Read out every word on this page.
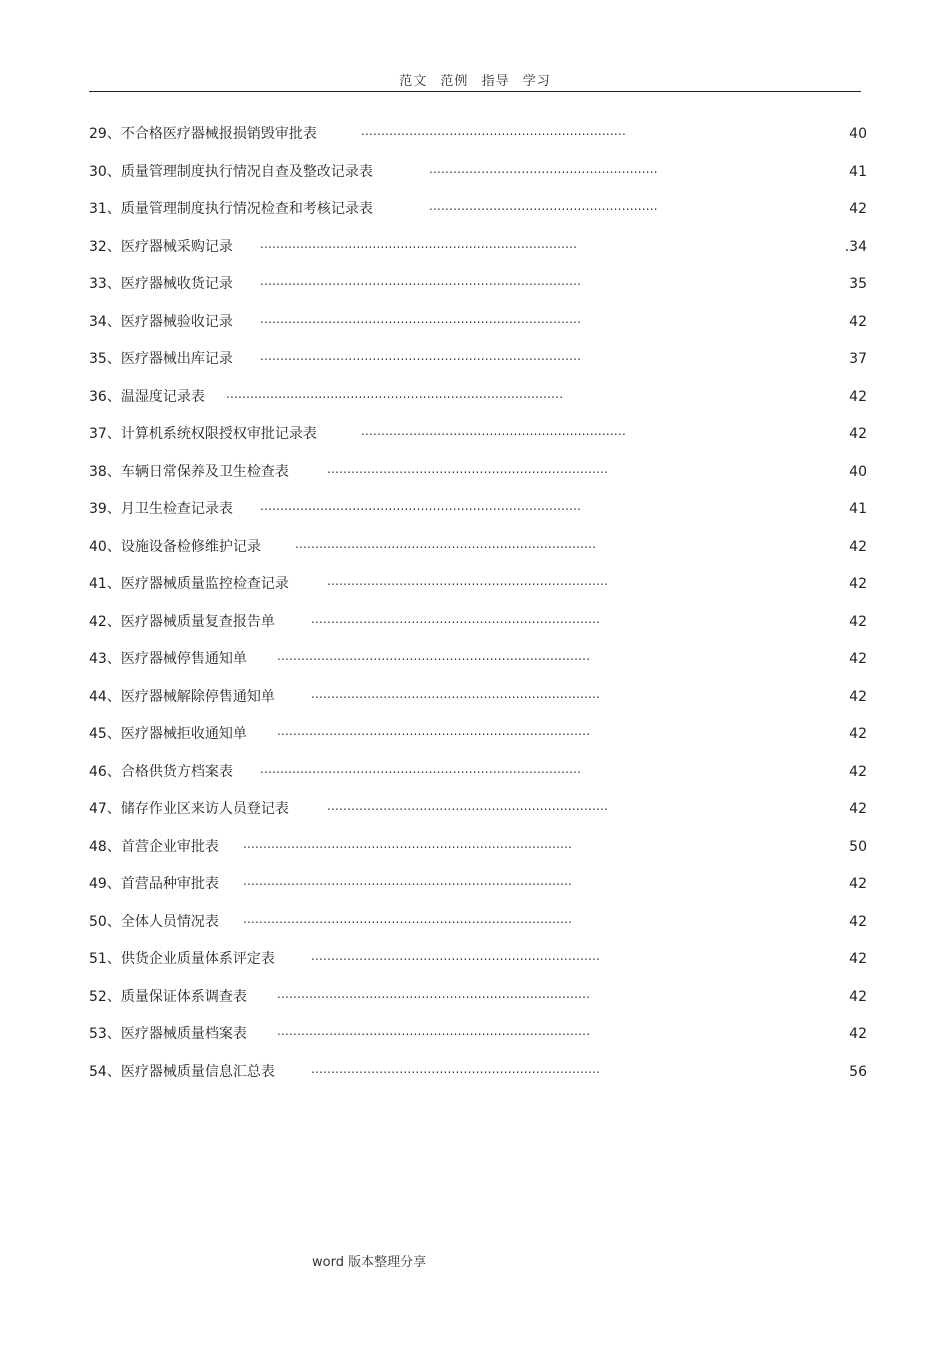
范文 范例 指导 学习
29、不合格医疗器械报损销毁审批表	..................................................................	40
30、质量管理制度执行情况自查及整改记录表	.........................................................	41
31、质量管理制度执行情况检查和考核记录表	.........................................................	42
32、医疗器械采购记录 ...............................................................................	.34
33、医疗器械收货记录 ................................................................................	35
34、医疗器械验收记录 ................................................................................	42
35、医疗器械出库记录 ................................................................................	37
36、温湿度记录表 ....................................................................................	42
37、计算机系统权限授权审批记录表	..................................................................	42
38、车辆日常保养及卫生检查表	......................................................................	40
39、月卫生检查记录表 ................................................................................	41
40、设施设备检修维护记录	...........................................................................	42
41、医疗器械质量监控检查记录	......................................................................	42
42、医疗器械质量复查报告单	........................................................................	42
43、医疗器械停售通知单	..............................................................................	42
44、医疗器械解除停售通知单	........................................................................	42
45、医疗器械拒收通知单	..............................................................................	42
46、合格供货方档案表 ................................................................................	42
47、储存作业区来访人员登记表	......................................................................	42
48、首营企业审批表 ..................................................................................	50
49、首营品种审批表 ..................................................................................	42
50、全体人员情况表 ..................................................................................	42
51、供货企业质量体系评定表	........................................................................	42
52、质量保证体系调查表	..............................................................................	42
53、医疗器械质量档案表	..............................................................................	42
54、医疗器械质量信息汇总表	........................................................................	56
word 版本整理分享
